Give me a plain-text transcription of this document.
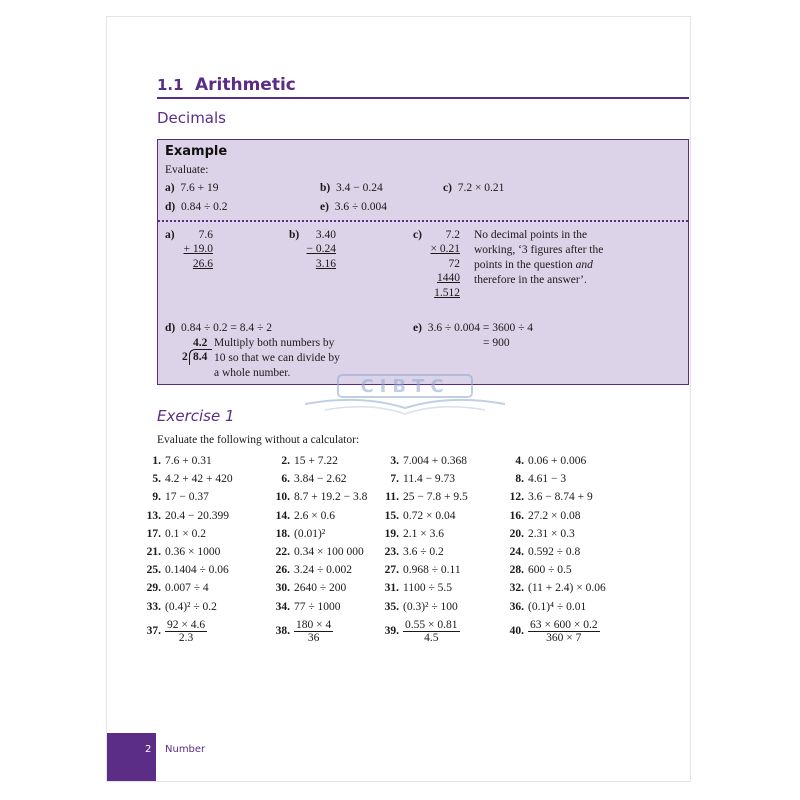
1.1 Arithmetic
Decimals
Example
Evaluate:
a) 7.6 + 19	b) 3.4 − 0.24	c) 7.2 × 0.21
d) 0.84 ÷ 0.2	e) 3.6 ÷ 0.004
a)	7.6
+ 19.0
26.6
b)	3.40
− 0.24
3.16
c)	7.2
× 0.21
72
1440
1.512
No decimal points in the
working, ‘3 figures after the
points in the question and
therefore in the answer’.
d) 0.84 ÷ 0.2 = 8.4 ÷ 2
4.2
2 8.4
Multiply both numbers by
10 so that we can divide by
a whole number.
e) 3.6 ÷ 0.004 = 3600 ÷ 4
= 900
CIBTC
Exercise 1
Evaluate the following without a calculator:
1. 7.6 + 0.31	2. 15 + 7.22	3. 7.004 + 0.368	4. 0.06 + 0.006
5. 4.2 + 42 + 420	6. 3.84 − 2.62	7. 11.4 − 9.73	8. 4.61 − 3
9. 17 − 0.37	10. 8.7 + 19.2 − 3.8	11. 25 − 7.8 + 9.5	12. 3.6 − 8.74 + 9
13. 20.4 − 20.399	14. 2.6 × 0.6	15. 0.72 × 0.04	16. 27.2 × 0.08
17. 0.1 × 0.2	18. (0.01)²	19. 2.1 × 3.6	20. 2.31 × 0.3
21. 0.36 × 1000	22. 0.34 × 100 000	23. 3.6 ÷ 0.2	24. 0.592 ÷ 0.8
25. 0.1404 ÷ 0.06	26. 3.24 ÷ 0.002	27. 0.968 ÷ 0.11	28. 600 ÷ 0.5
29. 0.007 ÷ 4	30. 2640 ÷ 200	31. 1100 ÷ 5.5	32. (11 + 2.4) × 0.06
33. (0.4)² ÷ 0.2	34. 77 ÷ 1000	35. (0.3)² ÷ 100	36. (0.1)⁴ ÷ 0.01
37. $\frac{92 \times 4.6}{2.3}$	38. $\frac{180 \times 4}{36}$	39. $\frac{0.55 \times 0.81}{4.5}$	40. $\frac{63 \times 600 \times 0.2}{360 \times 7}$
2 Number
